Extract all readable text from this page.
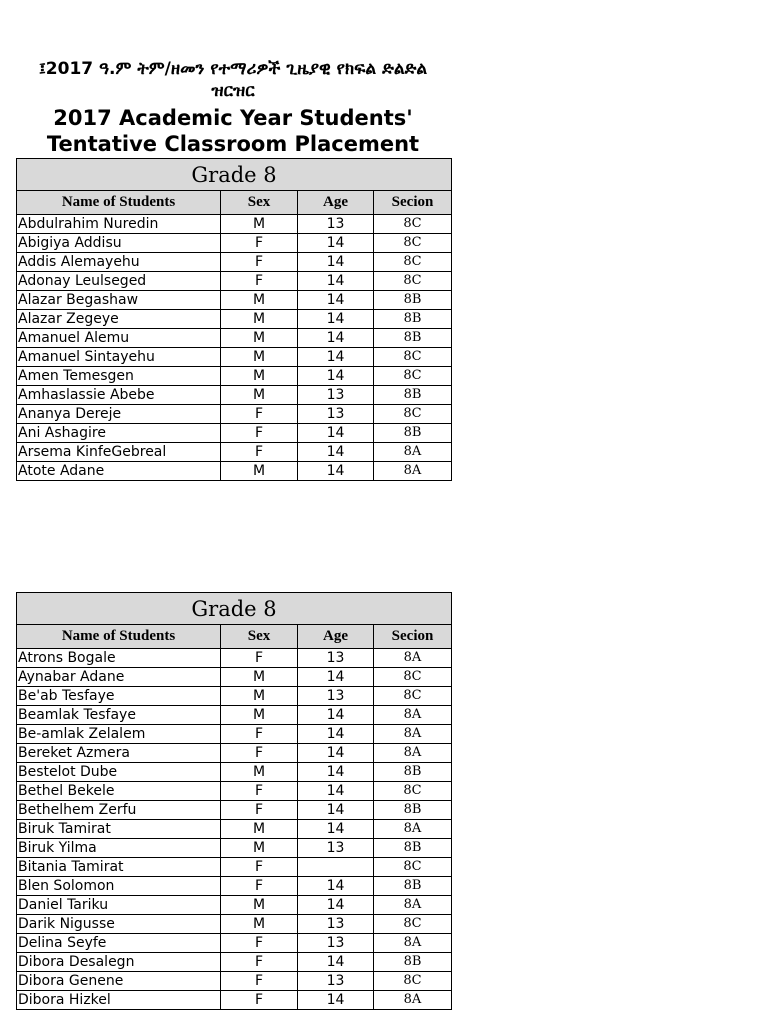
፤2017 ዓ.ም ትም/ዘመን የተማሪዎች ጊዜያዊ የክፍል ድልድል ዝርዝር
2017 Academic Year Students' Tentative Classroom Placement
Grade 8			
Name of Students	Sex	Age	Secion
Abdulrahim Nuredin	M	13	8C
Abigiya Addisu	F	14	8C
Addis Alemayehu	F	14	8C
Adonay Leulseged	F	14	8C
Alazar Begashaw	M	14	8B
Alazar Zegeye	M	14	8B
Amanuel Alemu	M	14	8B
Amanuel Sintayehu	M	14	8C
Amen Temesgen	M	14	8C
Amhaslassie Abebe	M	13	8B
Ananya Dereje	F	13	8C
Ani Ashagire	F	14	8B
Arsema KinfeGebreal	F	14	8A
Atote Adane	M	14	8A
Grade 8			
Name of Students	Sex	Age	Secion
Atrons Bogale	F	13	8A
Aynabar Adane	M	14	8C
Be'ab Tesfaye	M	13	8C
Beamlak Tesfaye	M	14	8A
Be-amlak Zelalem	F	14	8A
Bereket Azmera	F	14	8A
Bestelot Dube	M	14	8B
Bethel Bekele	F	14	8C
Bethelhem Zerfu	F	14	8B
Biruk Tamirat	M	14	8A
Biruk Yilma	M	13	8B
Bitania Tamirat	F		8C
Blen Solomon	F	14	8B
Daniel Tariku	M	14	8A
Darik Nigusse	M	13	8C
Delina Seyfe	F	13	8A
Dibora Desalegn	F	14	8B
Dibora Genene	F	13	8C
Dibora Hizkel	F	14	8A
